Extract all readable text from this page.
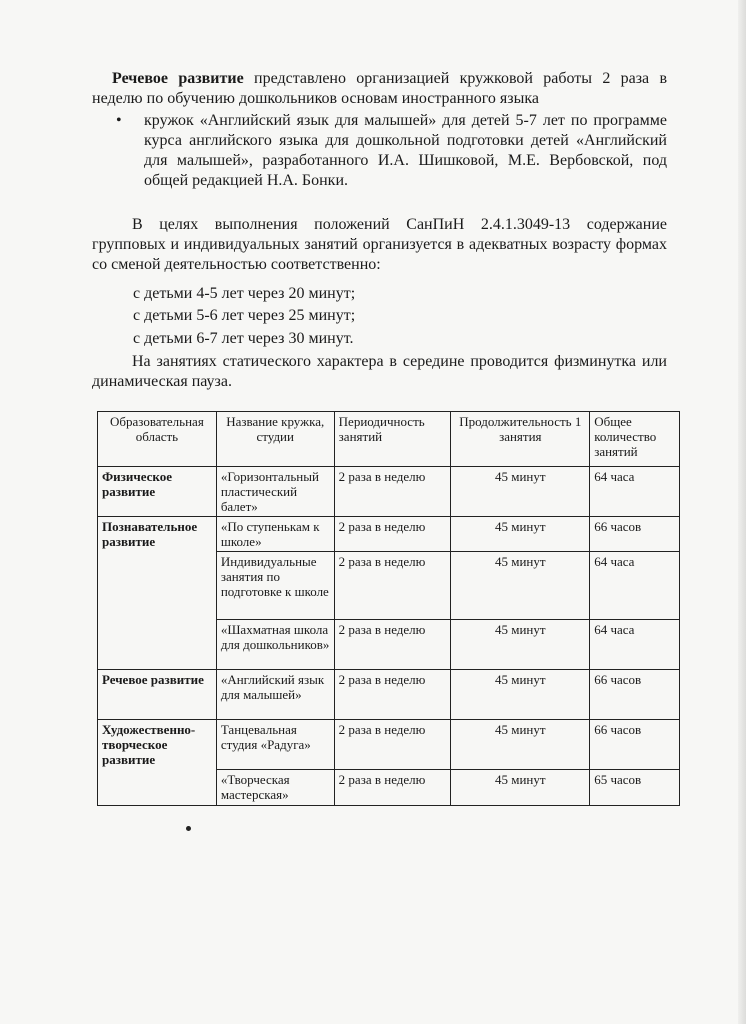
Речевое развитие представлено организацией кружковой работы 2 раза в неделю по обучению дошкольников основам иностранного языка
• кружок «Английский язык для малышей» для детей 5-7 лет по программе курса английского языка для дошкольной подготовки детей «Английский для малышей», разработанного И.А. Шишковой, М.Е. Вербовской, под общей редакцией Н.А. Бонки.
В целях выполнения положений СанПиН 2.4.1.3049-13 содержание групповых и индивидуальных занятий организуется в адекватных возрасту формах со сменой деятельностью соответственно:
с детьми 4-5 лет через 20 минут;
с детьми 5-6 лет через 25 минут;
с детьми 6-7 лет через 30 минут.
На занятиях статического характера в середине проводится физминутка или динамическая пауза.
Образовательная область	Название кружка, студии	Периодичность занятий	Продолжительность 1 занятия	Общее количество занятий
Физическое развитие	«Горизонтальный пластический балет»	2 раза в неделю	45 минут	64 часа
Познавательное развитие	«По ступенькам к школе»	2 раза в неделю	45 минут	66 часов
	Индивидуальные занятия по подготовке к школе	2 раза в неделю	45 минут	64 часа
	«Шахматная школа для дошкольников»	2 раза в неделю	45 минут	64 часа
Речевое развитие	«Английский язык для малышей»	2 раза в неделю	45 минут	66 часов
Художественно-творческое развитие	Танцевальная студия «Радуга»	2 раза в неделю	45 минут	66 часов
	«Творческая мастерская»	2 раза в неделю	45 минут	65 часов
